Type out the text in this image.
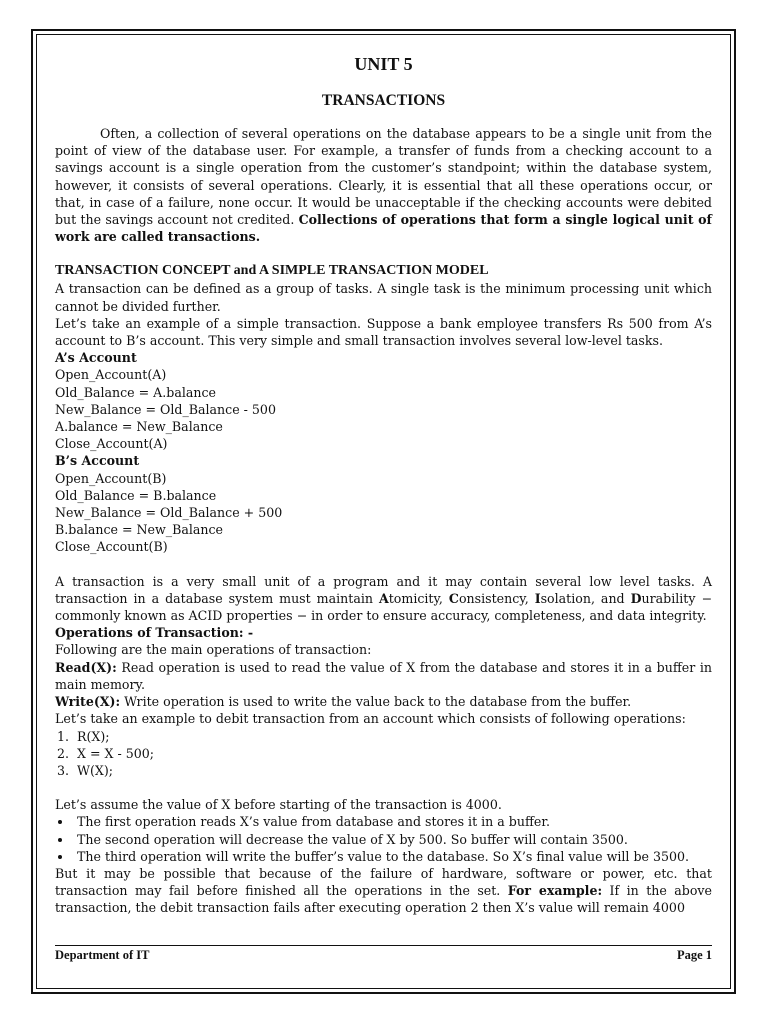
UNIT 5
TRANSACTIONS

Often, a collection of several operations on the database appears to be a single unit from the point of view of the database user. For example, a transfer of funds from a checking account to a savings account is a single operation from the customer’s standpoint; within the database system, however, it consists of several operations. Clearly, it is essential that all these operations occur, or that, in case of a failure, none occur. It would be unacceptable if the checking accounts were debited but the savings account not credited. Collections of operations that form a single logical unit of work are called transactions.

TRANSACTION CONCEPT and A SIMPLE TRANSACTION MODEL

A transaction can be defined as a group of tasks. A single task is the minimum processing unit which cannot be divided further.

Let’s take an example of a simple transaction. Suppose a bank employee transfers Rs 500 from A’s account to B’s account. This very simple and small transaction involves several low-level tasks.

A’s Account

Open_Account(A)

Old_Balance = A.balance

New_Balance = Old_Balance - 500

A.balance = New_Balance

Close_Account(A)

B’s Account

Open_Account(B)

Old_Balance = B.balance

New_Balance = Old_Balance + 500

B.balance = New_Balance

Close_Account(B)

A transaction is a very small unit of a program and it may contain several low level tasks. A transaction in a database system must maintain Atomicity, Consistency, Isolation, and Durability − commonly known as ACID properties − in order to ensure accuracy, completeness, and data integrity.

Operations of Transaction: -

Following are the main operations of transaction:

Read(X): Read operation is used to read the value of X from the database and stores it in a buffer in main memory.

Write(X): Write operation is used to write the value back to the database from the buffer.

Let’s take an example to debit transaction from an account which consists of following operations:

1. R(X);
2. X = X - 500;
3. W(X);

Let’s assume the value of X before starting of the transaction is 4000.

• The first operation reads X’s value from database and stores it in a buffer.
• The second operation will decrease the value of X by 500. So buffer will contain 3500.
• The third operation will write the buffer’s value to the database. So X’s final value will be 3500.

But it may be possible that because of the failure of hardware, software or power, etc. that transaction may fail before finished all the operations in the set. For example: If in the above transaction, the debit transaction fails after executing operation 2 then X’s value will remain 4000

Department of IT	Page 1
